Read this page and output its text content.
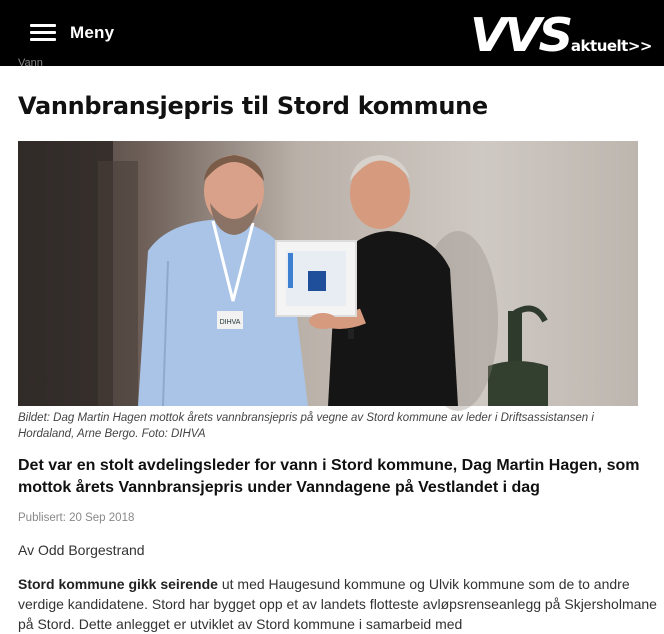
Meny	VVS aktuelt>>
Vann
Vannbransjepris til Stord kommune
DIHVA
Bildet: Dag Martin Hagen mottok årets vannbransjepris på vegne av Stord kommune av leder i Driftsassistansen i Hordaland, Arne Bergo. Foto: DIHVA

Det var en stolt avdelingsleder for vann i Stord kommune, Dag Martin Hagen, som mottok årets Vannbransjepris under Vanndagene på Vestlandet i dag

Publisert: 20 Sep 2018
Av Odd Borgestrand

Stord kommune gikk seirende ut med Haugesund kommune og Ulvik kommune som de to andre verdige kandidatene. Stord har bygget opp et av landets flotteste avløpsrenseanlegg på Skjersholmane på Stord. Dette anlegget er utviklet av Stord kommune i samarbeid med
